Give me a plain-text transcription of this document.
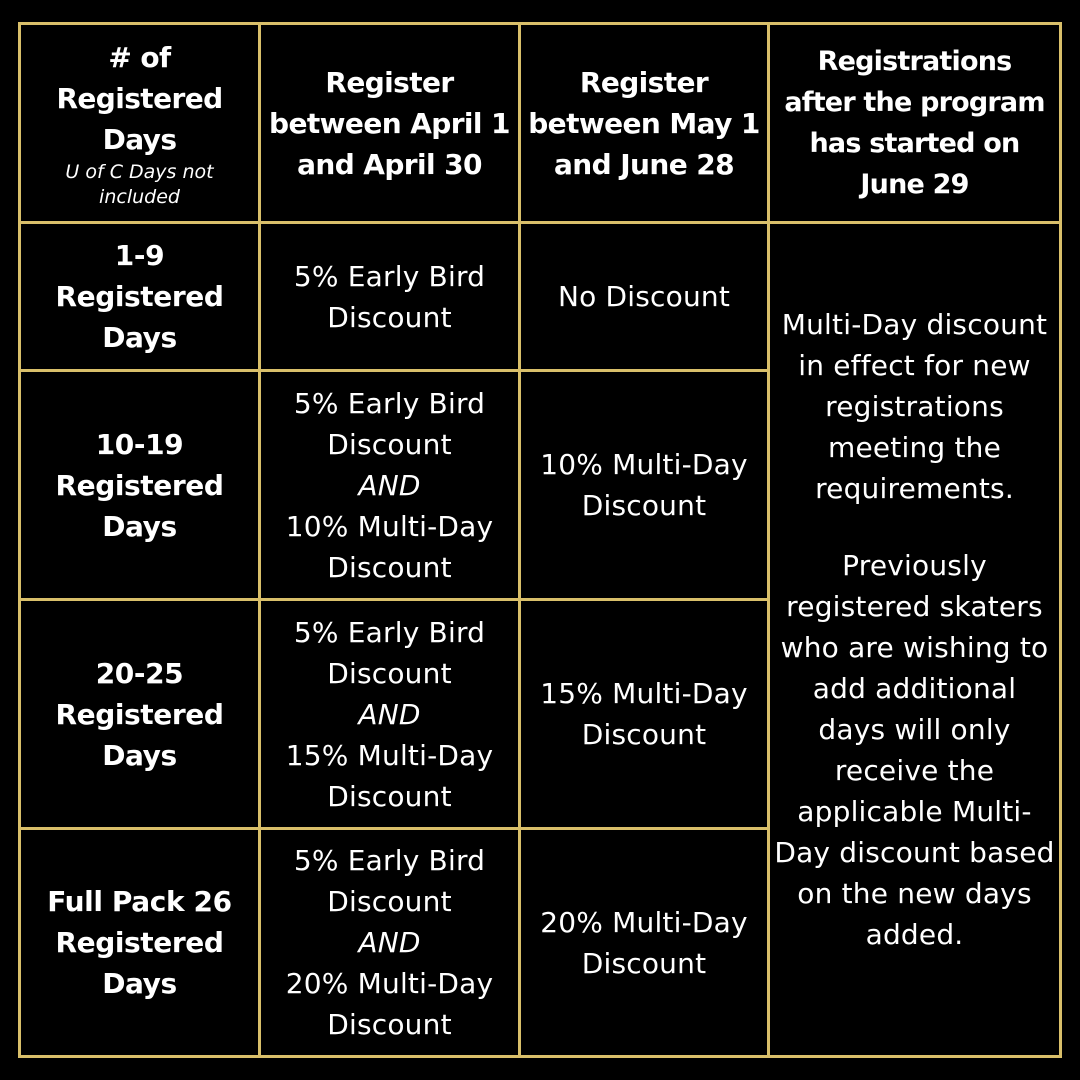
# of
Registered
Days
U of C Days not
included
Register
between April 1
and April 30
Register
between May 1
and June 28
Registrations
after the program
has started on
June 29
1-9
Registered
Days
5% Early Bird
Discount
No Discount
10-19
Registered
Days
5% Early Bird
Discount
AND
10% Multi-Day
Discount
10% Multi-Day
Discount
20-25
Registered
Days
5% Early Bird
Discount
AND
15% Multi-Day
Discount
15% Multi-Day
Discount
Full Pack 26
Registered
Days
5% Early Bird
Discount
AND
20% Multi-Day
Discount
20% Multi-Day
Discount
Multi-Day discount
in effect for new
registrations
meeting the
requirements.
Previously
registered skaters
who are wishing to
add additional
days will only
receive the
applicable Multi-
Day discount based
on the new days
added.
